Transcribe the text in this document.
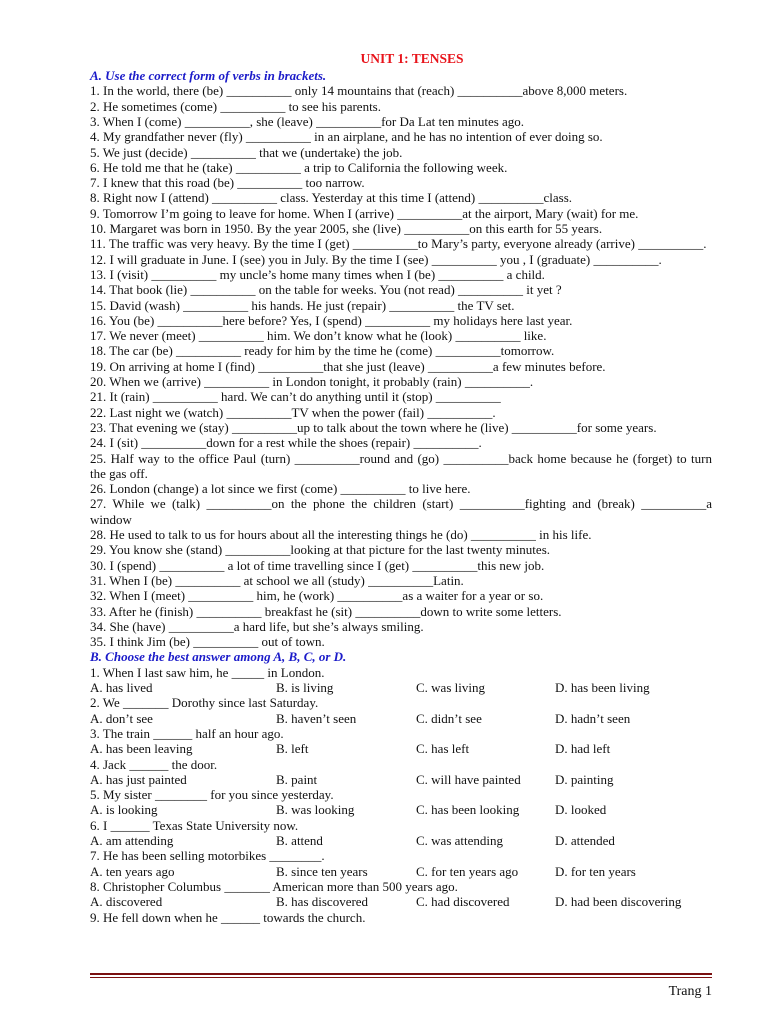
UNIT 1: TENSES
A. Use the correct form of verbs in brackets.
1. In the world, there (be) __________ only 14 mountains that (reach) __________above 8,000 meters.
2. He sometimes (come) __________ to see his parents.
3. When I (come) __________, she (leave) __________for Da Lat ten minutes ago.
4. My grandfather never (fly) __________ in an airplane, and he has no intention of ever doing so.
5. We just (decide) __________ that we (undertake) the job.
6. He told me that he (take) __________ a trip to California the following week.
7. I knew that this road (be) __________ too narrow.
8. Right now I (attend) __________ class. Yesterday at this time I (attend) __________class.
9. Tomorrow I’m going to leave for home. When I (arrive) __________at the airport, Mary (wait) for me.
10. Margaret was born in 1950. By the year 2005, she (live) __________on this earth for 55 years.
11. The traffic was very heavy. By the time I (get) __________to Mary’s party, everyone already (arrive) __________.
12. I will graduate in June. I (see) you in July. By the time I (see) __________ you , I (graduate) __________.
13. I (visit) __________ my uncle’s home many times when I (be) __________ a child.
14. That book (lie) __________ on the table for weeks. You (not read) __________ it yet ?
15. David (wash) __________ his hands. He just (repair) __________ the TV set.
16. You (be) __________here before? Yes, I (spend) __________ my holidays here last year.
17. We never (meet) __________ him. We don’t know what he (look) __________ like.
18. The car (be) __________ ready for him by the time he (come) __________tomorrow.
19. On arriving at home I (find) __________that she just (leave) __________a few minutes before.
20. When we (arrive) __________ in London tonight, it probably (rain) __________.
21. It (rain) __________ hard. We can’t do anything until it (stop) __________
22. Last night we (watch) __________TV when the power (fail) __________.
23. That evening we (stay) __________up to talk about the town where he (live) __________for some years.
24. I (sit) __________down for a rest while the shoes (repair) __________.
25. Half way to the office Paul (turn) __________round and (go) __________back home because he (forget) to turn the gas off.
26. London (change) a lot since we first (come) __________ to live here.
27. While we (talk) __________on the phone the children (start) __________fighting and (break) __________a window
28. He used to talk to us for hours about all the interesting things he (do) __________ in his life.
29. You know she (stand) __________looking at that picture for the last twenty minutes.
30. I (spend) __________ a lot of time travelling since I (get) __________this new job.
31. When I (be) __________ at school we all (study) __________Latin.
32. When I (meet) __________ him, he (work) __________as a waiter for a year or so.
33. After he (finish) __________ breakfast he (sit) __________down to write some letters.
34. She (have) __________a hard life, but she’s always smiling.
35. I think Jim (be) __________ out of town.
B. Choose the best answer among A, B, C, or D.
1. When I last saw him, he _____ in London.
A. has lived	B. is living	C. was living	D. has been living
2. We _______ Dorothy since last Saturday.
A. don’t see	B. haven’t seen	C. didn’t see	D. hadn’t seen
3. The train ______ half an hour ago.
A. has been leaving	B. left	C. has left	D. had left
4. Jack ______ the door.
A. has just painted	B. paint	C. will have painted	D. painting
5. My sister ________ for you since yesterday.
A. is looking	B. was looking	C. has been looking	D. looked
6. I ______ Texas State University now.
A. am attending	B. attend	C. was attending	D. attended
7. He has been selling motorbikes ________.
A. ten years ago	B. since ten years	C. for ten years ago	D. for ten years
8. Christopher Columbus _______ American more than 500 years ago.
A. discovered	B. has discovered	C. had discovered	D. had been discovering
9. He fell down when he ______ towards the church.
Trang 1
